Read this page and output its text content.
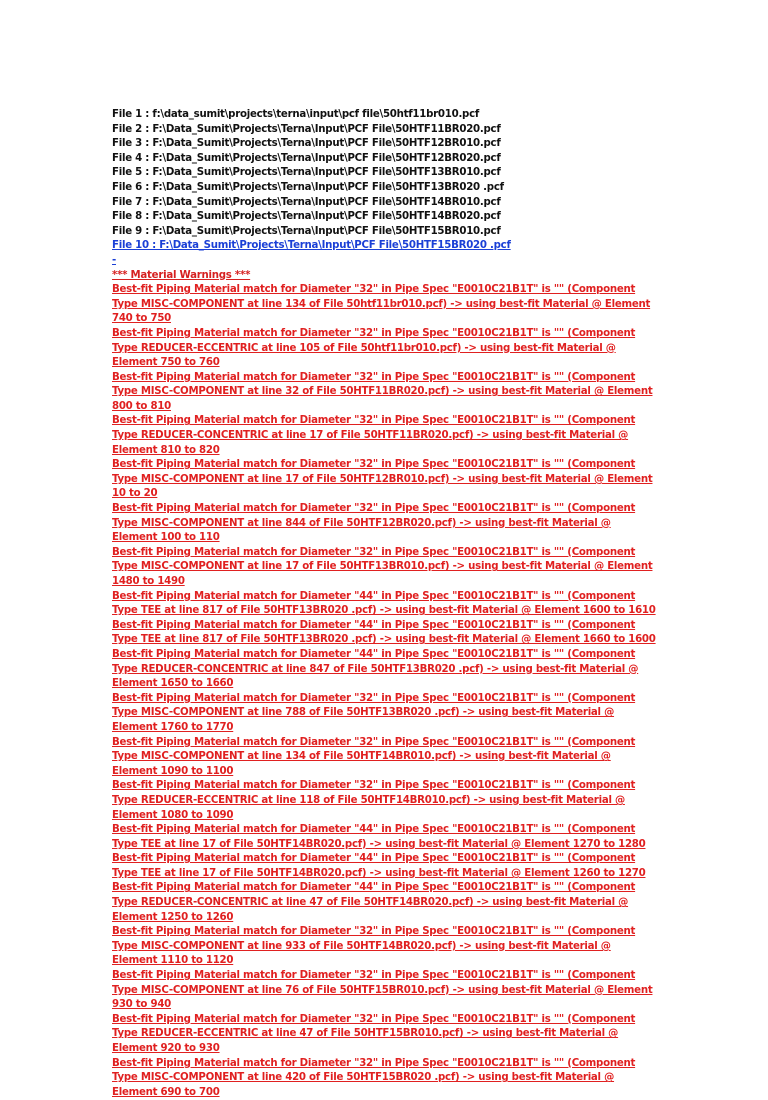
File 1 : f:\data_sumit\projects\terna\input\pcf file\50htf11br010.pcf
File 2 : F:\Data_Sumit\Projects\Terna\Input\PCF File\50HTF11BR020.pcf
File 3 : F:\Data_Sumit\Projects\Terna\Input\PCF File\50HTF12BR010.pcf
File 4 : F:\Data_Sumit\Projects\Terna\Input\PCF File\50HTF12BR020.pcf
File 5 : F:\Data_Sumit\Projects\Terna\Input\PCF File\50HTF13BR010.pcf
File 6 : F:\Data_Sumit\Projects\Terna\Input\PCF File\50HTF13BR020 .pcf
File 7 : F:\Data_Sumit\Projects\Terna\Input\PCF File\50HTF14BR010.pcf
File 8 : F:\Data_Sumit\Projects\Terna\Input\PCF File\50HTF14BR020.pcf
File 9 : F:\Data_Sumit\Projects\Terna\Input\PCF File\50HTF15BR010.pcf
File 10 : F:\Data_Sumit\Projects\Terna\Input\PCF File\50HTF15BR020 .pcf
-
*** Material Warnings ***
Best-fit Piping Material match for Diameter "32" in Pipe Spec "E0010C21B1T" is "" (Component Type MISC-COMPONENT at line 134 of File 50htf11br010.pcf) -> using best-fit Material @ Element 740 to 750
Best-fit Piping Material match for Diameter "32" in Pipe Spec "E0010C21B1T" is "" (Component Type REDUCER-ECCENTRIC at line 105 of File 50htf11br010.pcf) -> using best-fit Material @ Element 750 to 760
Best-fit Piping Material match for Diameter "32" in Pipe Spec "E0010C21B1T" is "" (Component Type MISC-COMPONENT at line 32 of File 50HTF11BR020.pcf) -> using best-fit Material @ Element 800 to 810
Best-fit Piping Material match for Diameter "32" in Pipe Spec "E0010C21B1T" is "" (Component Type REDUCER-CONCENTRIC at line 17 of File 50HTF11BR020.pcf) -> using best-fit Material @ Element 810 to 820
Best-fit Piping Material match for Diameter "32" in Pipe Spec "E0010C21B1T" is "" (Component Type MISC-COMPONENT at line 17 of File 50HTF12BR010.pcf) -> using best-fit Material @ Element 10 to 20
Best-fit Piping Material match for Diameter "32" in Pipe Spec "E0010C21B1T" is "" (Component Type MISC-COMPONENT at line 844 of File 50HTF12BR020.pcf) -> using best-fit Material @ Element 100 to 110
Best-fit Piping Material match for Diameter "32" in Pipe Spec "E0010C21B1T" is "" (Component Type MISC-COMPONENT at line 17 of File 50HTF13BR010.pcf) -> using best-fit Material @ Element 1480 to 1490
Best-fit Piping Material match for Diameter "44" in Pipe Spec "E0010C21B1T" is "" (Component Type TEE at line 817 of File 50HTF13BR020 .pcf) -> using best-fit Material @ Element 1600 to 1610
Best-fit Piping Material match for Diameter "44" in Pipe Spec "E0010C21B1T" is "" (Component Type TEE at line 817 of File 50HTF13BR020 .pcf) -> using best-fit Material @ Element 1660 to 1600
Best-fit Piping Material match for Diameter "44" in Pipe Spec "E0010C21B1T" is "" (Component Type REDUCER-CONCENTRIC at line 847 of File 50HTF13BR020 .pcf) -> using best-fit Material @ Element 1650 to 1660
Best-fit Piping Material match for Diameter "32" in Pipe Spec "E0010C21B1T" is "" (Component Type MISC-COMPONENT at line 788 of File 50HTF13BR020 .pcf) -> using best-fit Material @ Element 1760 to 1770
Best-fit Piping Material match for Diameter "32" in Pipe Spec "E0010C21B1T" is "" (Component Type MISC-COMPONENT at line 134 of File 50HTF14BR010.pcf) -> using best-fit Material @ Element 1090 to 1100
Best-fit Piping Material match for Diameter "32" in Pipe Spec "E0010C21B1T" is "" (Component Type REDUCER-ECCENTRIC at line 118 of File 50HTF14BR010.pcf) -> using best-fit Material @ Element 1080 to 1090
Best-fit Piping Material match for Diameter "44" in Pipe Spec "E0010C21B1T" is "" (Component Type TEE at line 17 of File 50HTF14BR020.pcf) -> using best-fit Material @ Element 1270 to 1280
Best-fit Piping Material match for Diameter "44" in Pipe Spec "E0010C21B1T" is "" (Component Type TEE at line 17 of File 50HTF14BR020.pcf) -> using best-fit Material @ Element 1260 to 1270
Best-fit Piping Material match for Diameter "44" in Pipe Spec "E0010C21B1T" is "" (Component Type REDUCER-CONCENTRIC at line 47 of File 50HTF14BR020.pcf) -> using best-fit Material @ Element 1250 to 1260
Best-fit Piping Material match for Diameter "32" in Pipe Spec "E0010C21B1T" is "" (Component Type MISC-COMPONENT at line 933 of File 50HTF14BR020.pcf) -> using best-fit Material @ Element 1110 to 1120
Best-fit Piping Material match for Diameter "32" in Pipe Spec "E0010C21B1T" is "" (Component Type MISC-COMPONENT at line 76 of File 50HTF15BR010.pcf) -> using best-fit Material @ Element 930 to 940
Best-fit Piping Material match for Diameter "32" in Pipe Spec "E0010C21B1T" is "" (Component Type REDUCER-ECCENTRIC at line 47 of File 50HTF15BR010.pcf) -> using best-fit Material @ Element 920 to 930
Best-fit Piping Material match for Diameter "32" in Pipe Spec "E0010C21B1T" is "" (Component Type MISC-COMPONENT at line 420 of File 50HTF15BR020 .pcf) -> using best-fit Material @ Element 690 to 700
